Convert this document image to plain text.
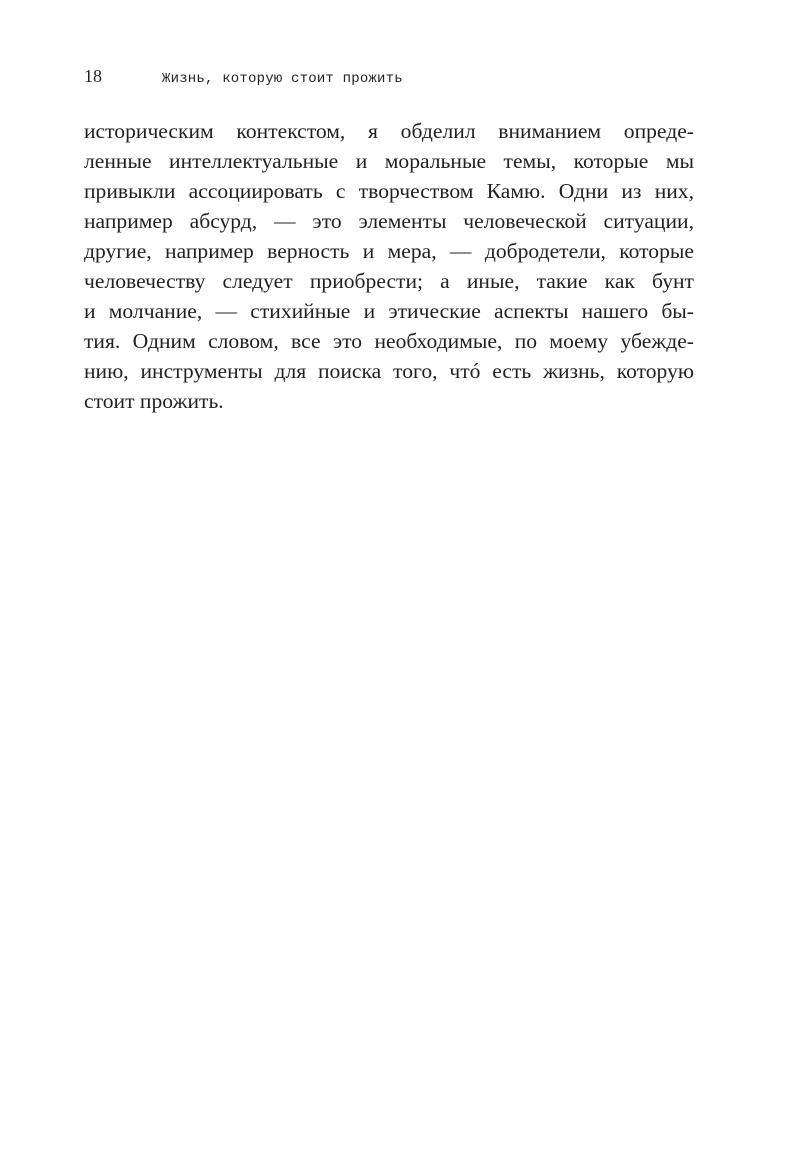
18	Жизнь, которую стоит прожить
историческим контекстом, я обделил вниманием опреде-
ленные интеллектуальные и моральные темы, которые мы
привыкли ассоциировать с творчеством Камю. Одни из них,
например абсурд, — это элементы человеческой ситуации,
другие, например верность и мера, — добродетели, которые
человечеству следует приобрести; а иные, такие как бунт
и молчание, — стихийные и этические аспекты нашего бы-
тия. Одним словом, все это необходимые, по моему убежде-
нию, инструменты для поиска того, чтó есть жизнь, которую
стоит прожить.
